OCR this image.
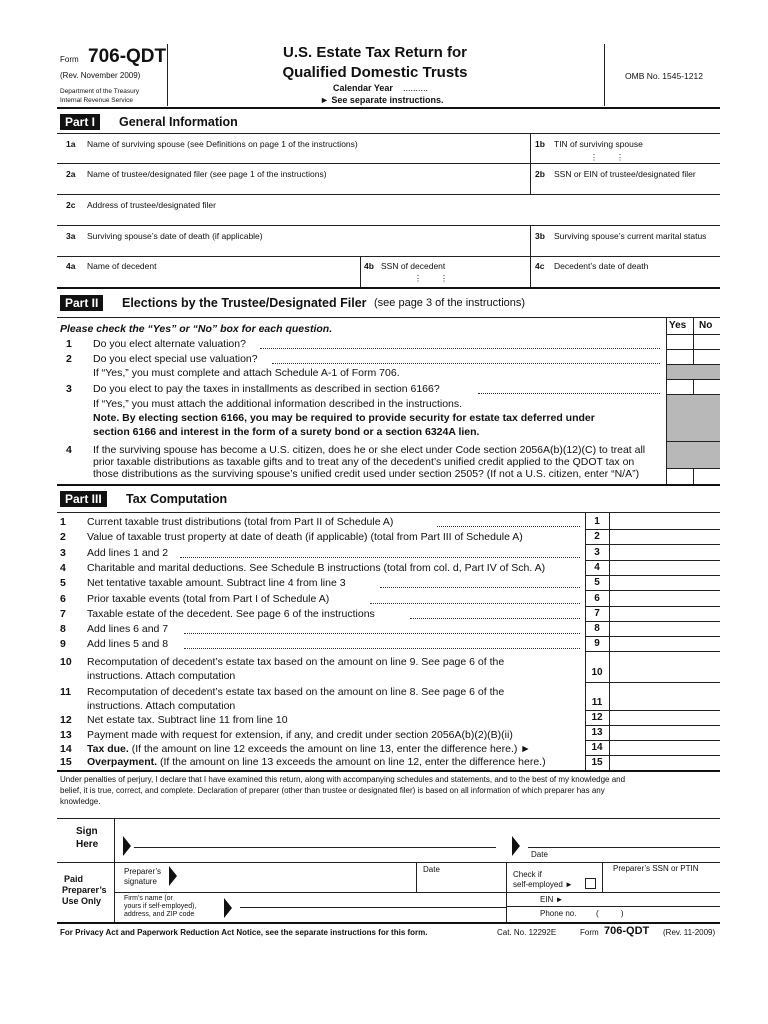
Form 706-QDT
(Rev. November 2009)
Department of the Treasury
Internal Revenue Service
U.S. Estate Tax Return for
Qualified Domestic Trusts
Calendar Year ..........
► See separate instructions.
OMB No. 1545-1212
Part I	General Information
1a Name of surviving spouse (see Definitions on page 1 of the instructions)	1b TIN of surviving spouse
⋮⋮
2a Name of trustee/designated filer (see page 1 of the instructions)	2b SSN or EIN of trustee/designated filer
2c Address of trustee/designated filer
3a Surviving spouse’s date of death (if applicable)	3b Surviving spouse’s current marital status
4a Name of decedent	4b SSN of decedent
⋮⋮
4c Decedent’s date of death
Part II	Elections by the Trustee/Designated Filer (see page 3 of the instructions)
Yes No
Please check the “Yes” or “No” box for each question.
1 Do you elect alternate valuation?
2 Do you elect special use valuation?
If “Yes,” you must complete and attach Schedule A-1 of Form 706.
3 Do you elect to pay the taxes in installments as described in section 6166?
If “Yes,” you must attach the additional information described in the instructions.
Note. By electing section 6166, you may be required to provide security for estate tax deferred under
section 6166 and interest in the form of a surety bond or a section 6324A lien.
4 If the surviving spouse has become a U.S. citizen, does he or she elect under Code section 2056A(b)(12)(C) to treat all
prior taxable distributions as taxable gifts and to treat any of the decedent’s unified credit applied to the QDOT tax on
those distributions as the surviving spouse’s unified credit used under section 2505? (If not a U.S. citizen, enter “N/A”)
Part III	Tax Computation
1 Current taxable trust distributions (total from Part II of Schedule A)	1
2 Value of taxable trust property at date of death (if applicable) (total from Part III of Schedule A)	2
3 Add lines 1 and 2	3
4 Charitable and marital deductions. See Schedule B instructions (total from col. d, Part IV of Sch. A)	4
5 Net tentative taxable amount. Subtract line 4 from line 3	5
6 Prior taxable events (total from Part I of Schedule A)	6
7 Taxable estate of the decedent. See page 6 of the instructions	7
8 Add lines 6 and 7	8
9 Add lines 5 and 8	9
10 Recomputation of decedent’s estate tax based on the amount on line 9. See page 6 of the
instructions. Attach computation	10
11 Recomputation of decedent’s estate tax based on the amount on line 8. See page 6 of the
instructions. Attach computation	11
12 Net estate tax. Subtract line 11 from line 10	12
13 Payment made with request for extension, if any, and credit under section 2056A(b)(2)(B)(ii)	13
14 Tax due. (If the amount on line 12 exceeds the amount on line 13, enter the difference here.) ►	14
15 Overpayment. (If the amount on line 13 exceeds the amount on line 12, enter the difference here.)	15
Under penalties of perjury, I declare that I have examined this return, along with accompanying schedules and statements, and to the best of my knowledge and
belief, it is true, correct, and complete. Declaration of preparer (other than trustee or designated filer) is based on all information of which preparer has any
knowledge.
Sign
Here
Date
Paid
Preparer’s
Use Only
Preparer’s
signature
Date
Check if
self-employed ►
Preparer’s SSN or PTIN
Firm’s name (or
yours if self-employed),
address, and ZIP code
EIN ►
Phone no. (          )
For Privacy Act and Paperwork Reduction Act Notice, see the separate instructions for this form.	Cat. No. 12292E	Form 706-QDT (Rev. 11-2009)
